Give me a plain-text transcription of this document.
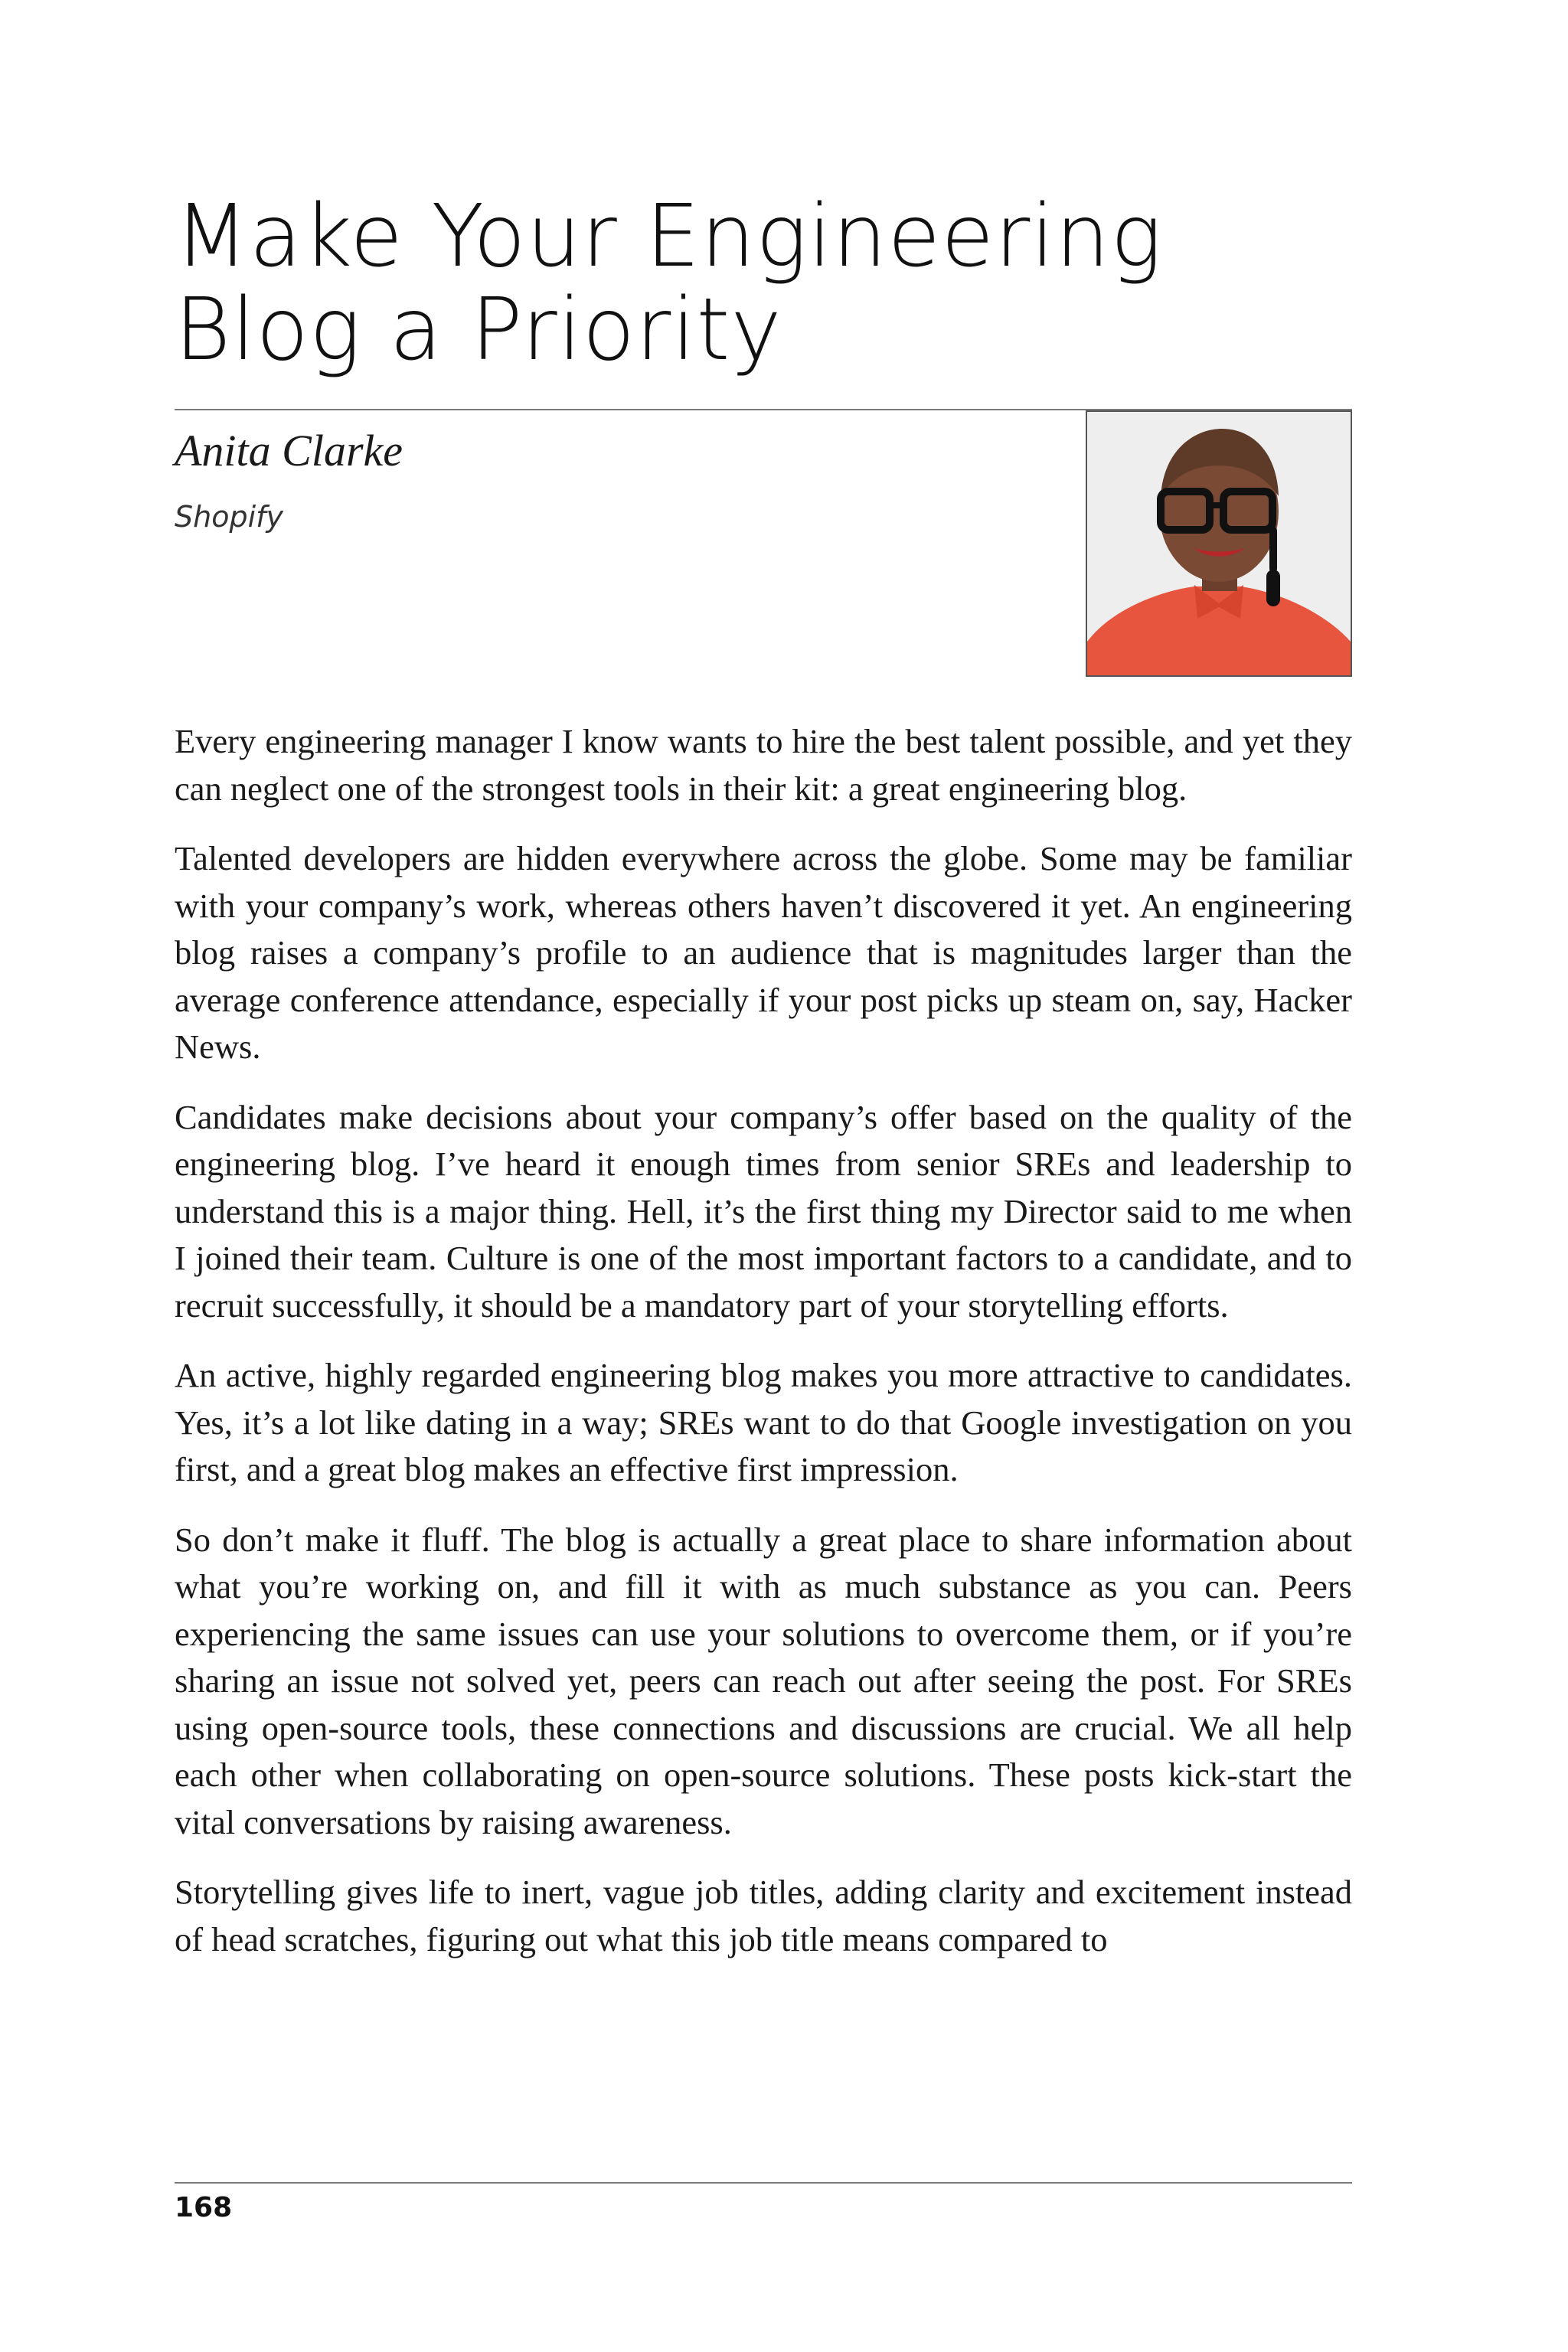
Make Your Engineering
Blog a Priority

Anita Clarke

Shopify

Every engineering manager I know wants to hire the best talent possible, and yet they can neglect one of the strongest tools in their kit: a great engineering blog.

Talented developers are hidden everywhere across the globe. Some may be familiar with your company’s work, whereas others haven’t discovered it yet. An engineering blog raises a company’s profile to an audience that is magnitudes larger than the average conference attendance, especially if your post picks up steam on, say, Hacker News.

Candidates make decisions about your company’s offer based on the quality of the engineering blog. I’ve heard it enough times from senior SREs and leadership to understand this is a major thing. Hell, it’s the first thing my Director said to me when I joined their team. Culture is one of the most important factors to a candidate, and to recruit successfully, it should be a mandatory part of your storytelling efforts.

An active, highly regarded engineering blog makes you more attractive to candidates. Yes, it’s a lot like dating in a way; SREs want to do that Google investigation on you first, and a great blog makes an effective first impression.

So don’t make it fluff. The blog is actually a great place to share information about what you’re working on, and fill it with as much substance as you can. Peers experiencing the same issues can use your solutions to overcome them, or if you’re sharing an issue not solved yet, peers can reach out after seeing the post. For SREs using open-source tools, these connections and discussions are crucial. We all help each other when collaborating on open-source solutions. These posts kick-start the vital conversations by raising awareness.

Storytelling gives life to inert, vague job titles, adding clarity and excitement instead of head scratches, figuring out what this job title means compared to

168
